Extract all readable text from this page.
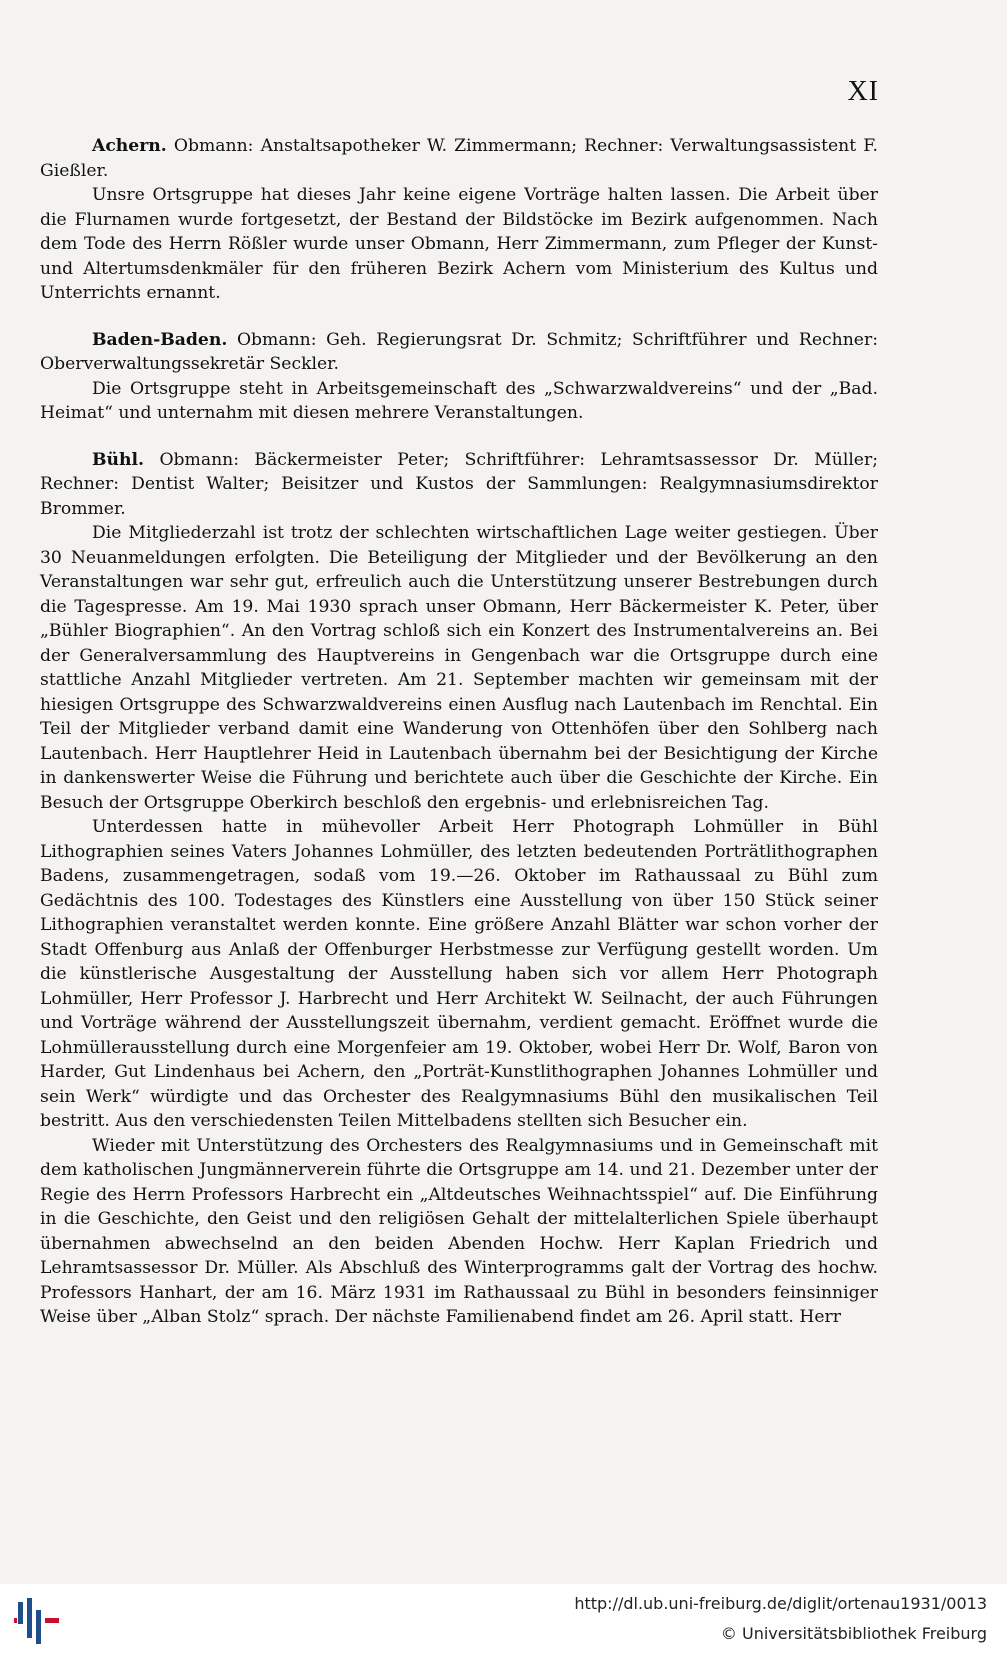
XI

Achern. Obmann: Anstaltsapotheker W. Zimmermann; Rechner: Verwaltungsassistent F. Gießler.

Unsre Ortsgruppe hat dieses Jahr keine eigene Vorträge halten lassen. Die Arbeit über die Flurnamen wurde fortgesetzt, der Bestand der Bildstöcke im Bezirk aufgenommen. Nach dem Tode des Herrn Rößler wurde unser Obmann, Herr Zimmermann, zum Pfleger der Kunst- und Altertumsdenkmäler für den früheren Bezirk Achern vom Ministerium des Kultus und Unterrichts ernannt.

Baden-Baden. Obmann: Geh. Regierungsrat Dr. Schmitz; Schriftführer und Rechner: Oberverwaltungssekretär Seckler.

Die Ortsgruppe steht in Arbeitsgemeinschaft des „Schwarzwaldvereins“ und der „Bad. Heimat“ und unternahm mit diesen mehrere Veranstaltungen.

Bühl. Obmann: Bäckermeister Peter; Schriftführer: Lehramtsassessor Dr. Müller; Rechner: Dentist Walter; Beisitzer und Kustos der Sammlungen: Realgymnasiumsdirektor Brommer.

Die Mitgliederzahl ist trotz der schlechten wirtschaftlichen Lage weiter gestiegen. Über 30 Neuanmeldungen erfolgten. Die Beteiligung der Mitglieder und der Bevölkerung an den Veranstaltungen war sehr gut, erfreulich auch die Unterstützung unserer Bestrebungen durch die Tagespresse. Am 19. Mai 1930 sprach unser Obmann, Herr Bäckermeister K. Peter, über „Bühler Biographien“. An den Vortrag schloß sich ein Konzert des Instrumentalvereins an. Bei der Generalversammlung des Hauptvereins in Gengenbach war die Ortsgruppe durch eine stattliche Anzahl Mitglieder vertreten. Am 21. September machten wir gemeinsam mit der hiesigen Ortsgruppe des Schwarzwaldvereins einen Ausflug nach Lautenbach im Renchtal. Ein Teil der Mitglieder verband damit eine Wanderung von Ottenhöfen über den Sohlberg nach Lautenbach. Herr Hauptlehrer Heid in Lautenbach übernahm bei der Besichtigung der Kirche in dankenswerter Weise die Führung und berichtete auch über die Geschichte der Kirche. Ein Besuch der Ortsgruppe Oberkirch beschloß den ergebnis- und erlebnisreichen Tag.

Unterdessen hatte in mühevoller Arbeit Herr Photograph Lohmüller in Bühl Lithographien seines Vaters Johannes Lohmüller, des letzten bedeutenden Porträtlithographen Badens, zusammengetragen, sodaß vom 19.—26. Oktober im Rathaussaal zu Bühl zum Gedächtnis des 100. Todestages des Künstlers eine Ausstellung von über 150 Stück seiner Lithographien veranstaltet werden konnte. Eine größere Anzahl Blätter war schon vorher der Stadt Offenburg aus Anlaß der Offenburger Herbstmesse zur Verfügung gestellt worden. Um die künstlerische Ausgestaltung der Ausstellung haben sich vor allem Herr Photograph Lohmüller, Herr Professor J. Harbrecht und Herr Architekt W. Seilnacht, der auch Führungen und Vorträge während der Ausstellungszeit übernahm, verdient gemacht. Eröffnet wurde die Lohmüllerausstellung durch eine Morgenfeier am 19. Oktober, wobei Herr Dr. Wolf, Baron von Harder, Gut Lindenhaus bei Achern, den „Porträt-Kunstlithographen Johannes Lohmüller und sein Werk“ würdigte und das Orchester des Realgymnasiums Bühl den musikalischen Teil bestritt. Aus den verschiedensten Teilen Mittelbadens stellten sich Besucher ein.

Wieder mit Unterstützung des Orchesters des Realgymnasiums und in Gemeinschaft mit dem katholischen Jungmännerverein führte die Ortsgruppe am 14. und 21. Dezember unter der Regie des Herrn Professors Harbrecht ein „Altdeutsches Weihnachtsspiel“ auf. Die Einführung in die Geschichte, den Geist und den religiösen Gehalt der mittelalterlichen Spiele überhaupt übernahmen abwechselnd an den beiden Abenden Hochw. Herr Kaplan Friedrich und Lehramtsassessor Dr. Müller. Als Abschluß des Winterprogramms galt der Vortrag des hochw. Professors Hanhart, der am 16. März 1931 im Rathaussaal zu Bühl in besonders feinsinniger Weise über „Alban Stolz“ sprach. Der nächste Familienabend findet am 26. April statt. Herr

http://dl.ub.uni-freiburg.de/diglit/ortenau1931/0013
© Universitätsbibliothek Freiburg
